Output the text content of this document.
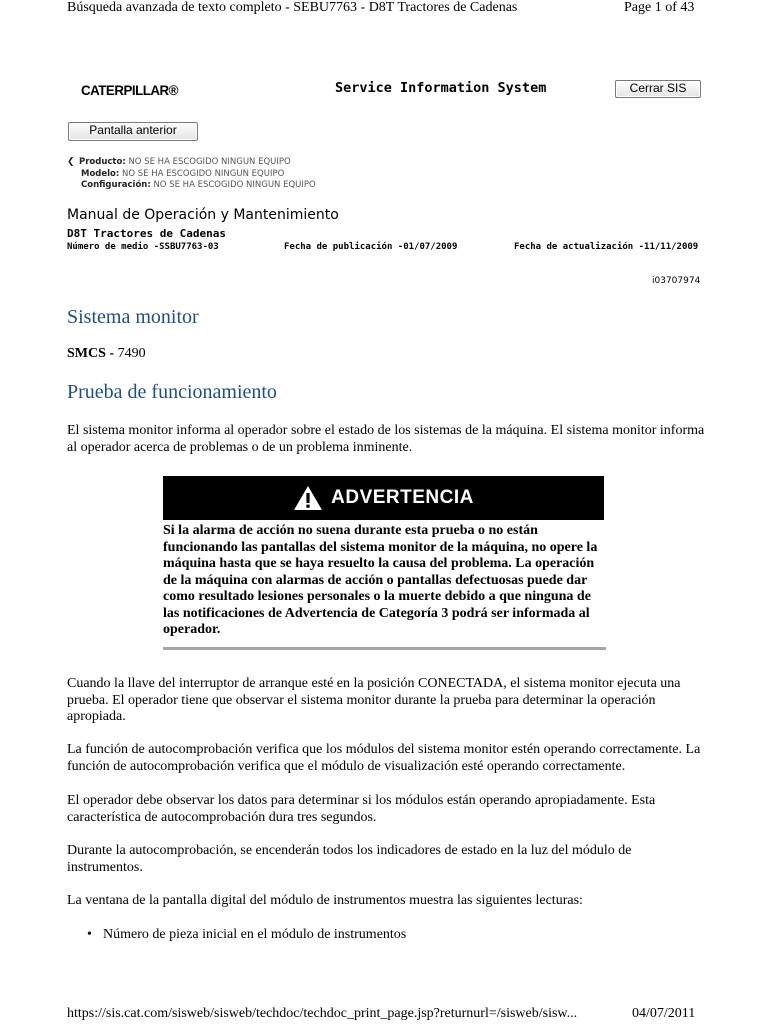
Búsqueda avanzada de texto completo - SEBU7763 - D8T Tractores de Cadenas	Page 1 of 43
CATERPILLAR®	Service Information System	Cerrar SIS
Pantalla anterior
❮ Producto: NO SE HA ESCOGIDO NINGUN EQUIPO
Modelo: NO SE HA ESCOGIDO NINGUN EQUIPO
Configuración: NO SE HA ESCOGIDO NINGUN EQUIPO
Manual de Operación y Mantenimiento
D8T Tractores de Cadenas
Número de medio -SSBU7763-03	Fecha de publicación -01/07/2009	Fecha de actualización -11/11/2009
i03707974
Sistema monitor
SMCS - 7490
Prueba de funcionamiento
El sistema monitor informa al operador sobre el estado de los sistemas de la máquina. El sistema monitor informa al operador acerca de problemas o de un problema inminente.
ADVERTENCIA
Si la alarma de acción no suena durante esta prueba o no están funcionando las pantallas del sistema monitor de la máquina, no opere la máquina hasta que se haya resuelto la causa del problema. La operación de la máquina con alarmas de acción o pantallas defectuosas puede dar como resultado lesiones personales o la muerte debido a que ninguna de las notificaciones de Advertencia de Categoría 3 podrá ser informada al operador.
Cuando la llave del interruptor de arranque esté en la posición CONECTADA, el sistema monitor ejecuta una prueba. El operador tiene que observar el sistema monitor durante la prueba para determinar la operación apropiada.
La función de autocomprobación verifica que los módulos del sistema monitor estén operando correctamente. La función de autocomprobación verifica que el módulo de visualización esté operando correctamente.
El operador debe observar los datos para determinar si los módulos están operando apropiadamente. Esta característica de autocomprobación dura tres segundos.
Durante la autocomprobación, se encenderán todos los indicadores de estado en la luz del módulo de instrumentos.
La ventana de la pantalla digital del módulo de instrumentos muestra las siguientes lecturas:
• Número de pieza inicial en el módulo de instrumentos
https://sis.cat.com/sisweb/sisweb/techdoc/techdoc_print_page.jsp?returnurl=/sisweb/sisw...	04/07/2011
